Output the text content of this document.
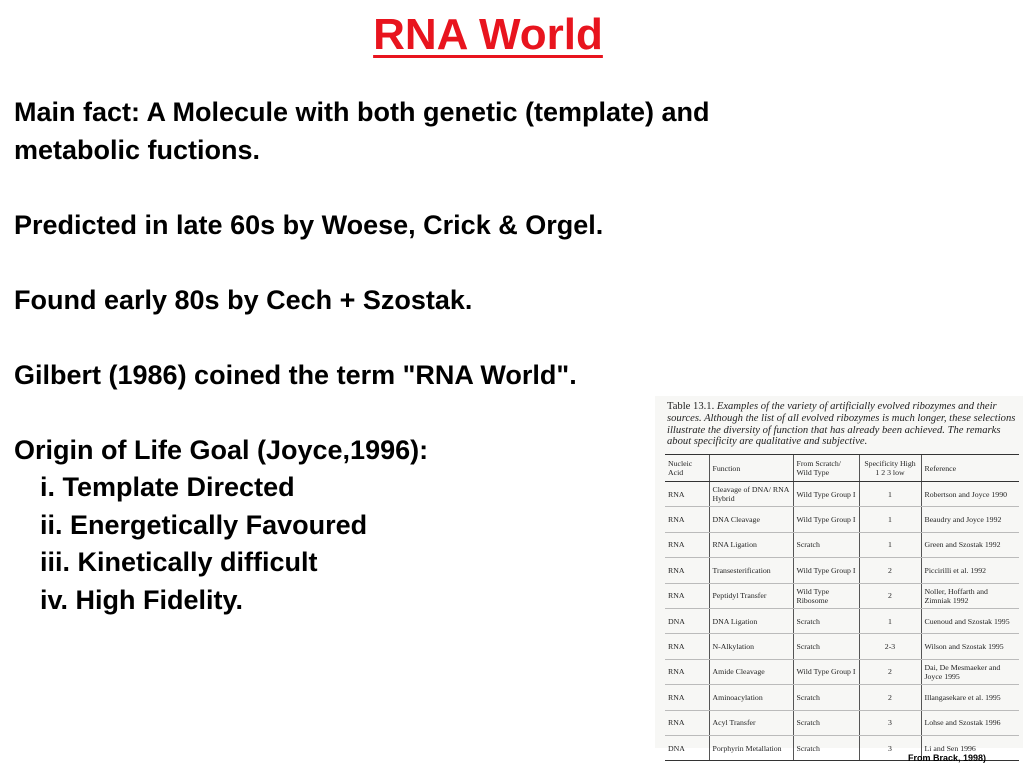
RNA World

Main fact: A Molecule with both genetic (template) and metabolic fuctions.

Predicted in late 60s by Woese, Crick & Orgel.

Found early 80s by Cech + Szostak.

Gilbert (1986) coined the term "RNA World".

Origin of Life Goal (Joyce,1996):

i. Template Directed

ii. Energetically Favoured

iii. Kinetically difficult

iv. High Fidelity.

Table 13.1. Examples of the variety of artificially evolved ribozymes and their sources. Although the list of all evolved ribozymes is much longer, these selections illustrate the diversity of function that has already been achieved. The remarks about specificity are qualitative and subjective.
Nucleic Acid	Function	From Scratch/ Wild Type	Specificity High 1 2 3 low	Reference
RNA	Cleavage of DNA/ RNA Hybrid	Wild Type Group I	1	Robertson and Joyce 1990
RNA	DNA Cleavage	Wild Type Group I	1	Beaudry and Joyce 1992
RNA	RNA Ligation	Scratch	1	Green and Szostak 1992
RNA	Transesterification	Wild Type Group I	2	Piccirilli et al. 1992
RNA	Peptidyl Transfer	Wild Type Ribosome	2	Noller, Hoffarth and Zimniak 1992
DNA	DNA Ligation	Scratch	1	Cuenoud and Szostak 1995
RNA	N-Alkylation	Scratch	2-3	Wilson and Szostak 1995
RNA	Amide Cleavage	Wild Type Group I	2	Dai, De Mesmaeker and Joyce 1995
RNA	Aminoacylation	Scratch	2	Illangasekare et al. 1995
RNA	Acyl Transfer	Scratch	3	Lohse and Szostak 1996
DNA	Porphyrin Metallation	Scratch	3	Li and Sen 1996
From Brack, 1998)
